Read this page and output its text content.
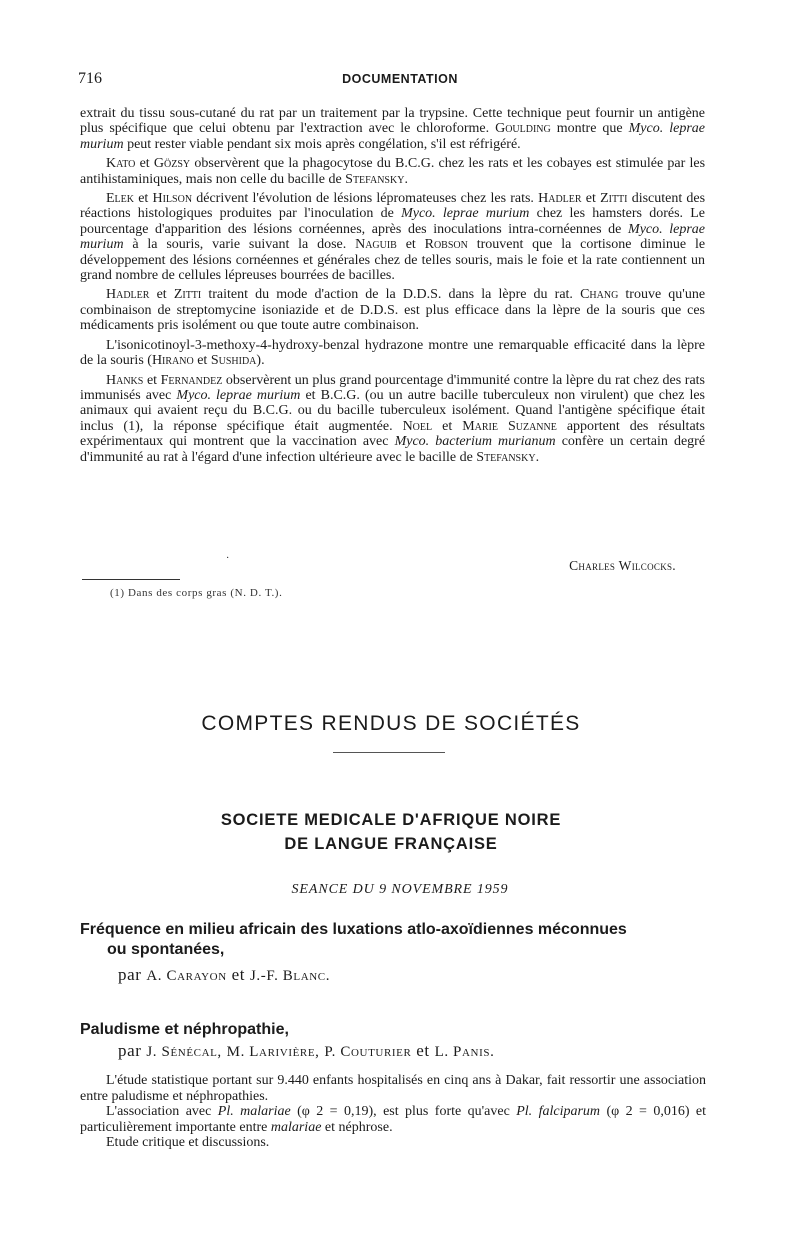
716	DOCUMENTATION

extrait du tissu sous-cutané du rat par un traitement par la trypsine. Cette technique peut fournir un antigène plus spécifique que celui obtenu par l'extraction avec le chloroforme. Goulding montre que Myco. leprae murium peut rester viable pendant six mois après congélation, s'il est réfrigéré.

Kato et Gözsy observèrent que la phagocytose du B.C.G. chez les rats et les cobayes est stimulée par les antihistaminiques, mais non celle du bacille de Stefansky.

Elek et Hilson décrivent l'évolution de lésions lépromateuses chez les rats. Hadler et Zitti discutent des réactions histologiques produites par l'inoculation de Myco. leprae murium chez les hamsters dorés. Le pourcentage d'apparition des lésions cornéennes, après des inoculations intra-cornéennes de Myco. leprae murium à la souris, varie suivant la dose. Naguib et Robson trouvent que la cortisone diminue le développement des lésions cornéennes et générales chez de telles souris, mais le foie et la rate contiennent un grand nombre de cellules lépreuses bourrées de bacilles.

Hadler et Zitti traitent du mode d'action de la D.D.S. dans la lèpre du rat. Chang trouve qu'une combinaison de streptomycine isoniazide et de D.D.S. est plus efficace dans la lèpre de la souris que ces médicaments pris isolément ou que toute autre combinaison.

L'isonicotinoyl-3-methoxy-4-hydroxy-benzal hydrazone montre une remarquable efficacité dans la lèpre de la souris (Hirano et Sushida).

Hanks et Fernandez observèrent un plus grand pourcentage d'immunité contre la lèpre du rat chez des rats immunisés avec Myco. leprae murium et B.C.G. (ou un autre bacille tuberculeux non virulent) que chez les animaux qui avaient reçu du B.C.G. ou du bacille tuberculeux isolément. Quand l'antigène spécifique était inclus (1), la réponse spécifique était augmentée. Noel et Marie Suzanne apportent des résultats expérimentaux qui montrent que la vaccination avec Myco. bacterium murianum confère un certain degré d'immunité au rat à l'égard d'une infection ultérieure avec le bacille de Stefansky.

·	Charles Wilcocks.
(1) Dans des corps gras (N. D. T.).
COMPTES RENDUS DE SOCIÉTÉS
SOCIETE MEDICALE D'AFRIQUE NOIRE
DE LANGUE FRANÇAISE
SEANCE DU 9 NOVEMBRE 1959
Fréquence en milieu africain des luxations atlo-axoïdiennes méconnues
ou spontanées,
par A. Carayon et J.-F. Blanc.
Paludisme et néphropathie,
par J. Sénécal, M. Larivière, P. Couturier et L. Panis.

L'étude statistique portant sur 9.440 enfants hospitalisés en cinq ans à Dakar, fait ressortir une association entre paludisme et néphropathies.

L'association avec Pl. malariae (φ 2 = 0,19), est plus forte qu'avec Pl. falciparum (φ 2 = 0,016) et particulièrement importante entre malariae et néphrose.

Etude critique et discussions.
